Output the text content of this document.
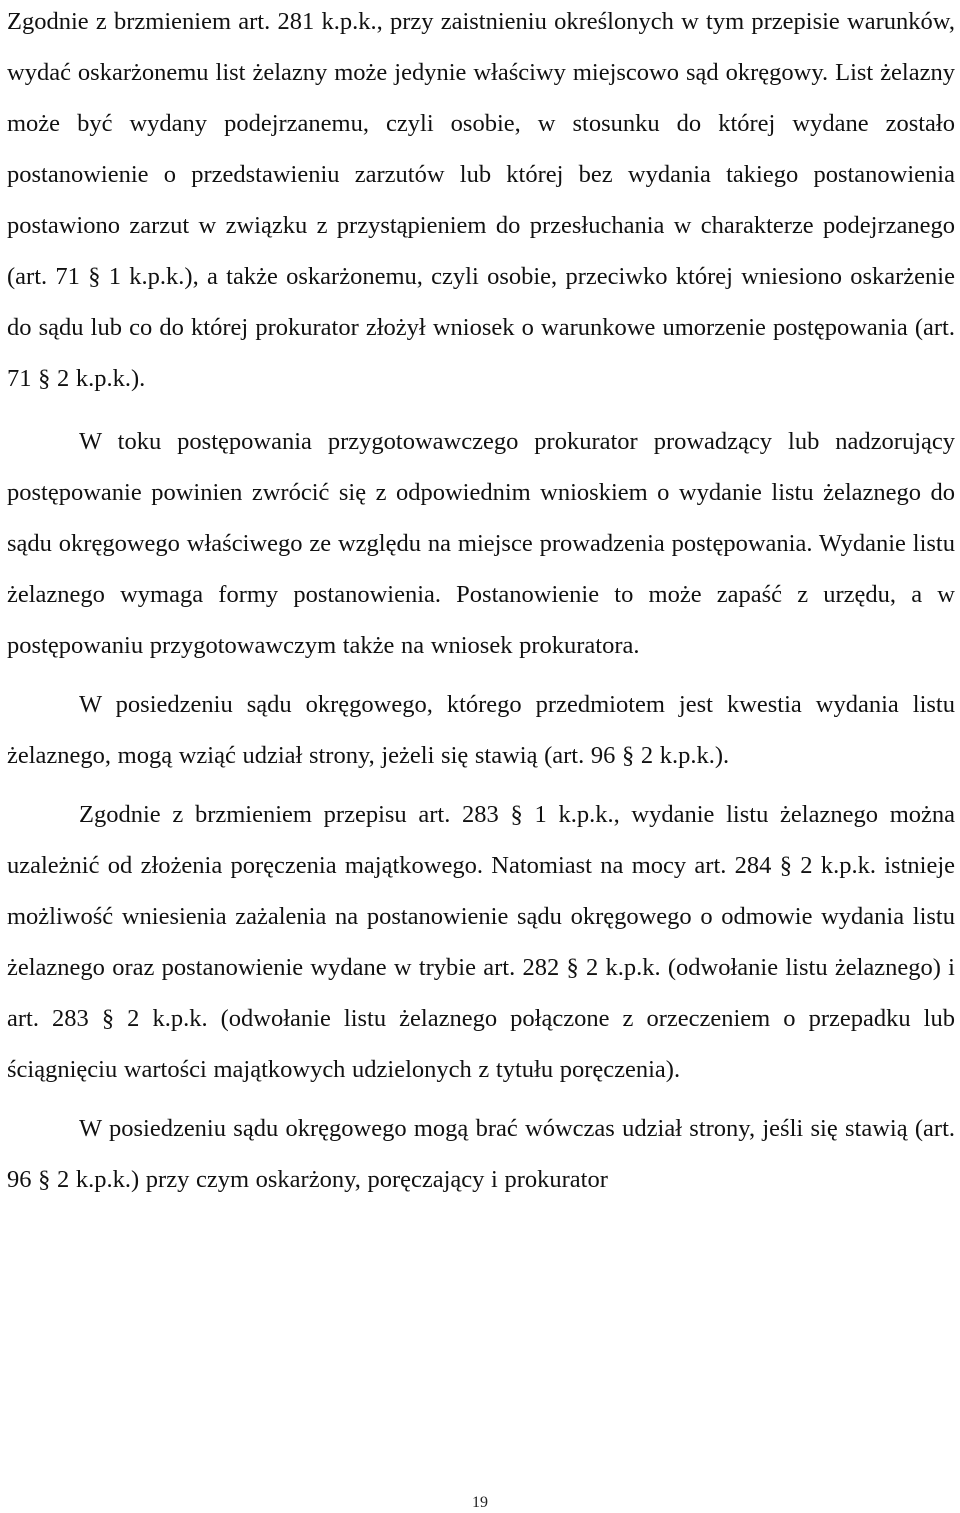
Zgodnie z brzmieniem art. 281 k.p.k., przy zaistnieniu określonych w tym przepisie warunków, wydać oskarżonemu list żelazny może jedynie właściwy miejscowo sąd okręgowy. List żelazny może być wydany podejrzanemu, czyli osobie, w stosunku do której wydane zostało postanowienie o przedstawieniu zarzutów lub której bez wydania takiego postanowienia postawiono zarzut w związku z przystąpieniem do przesłuchania w charakterze podejrzanego (art. 71 § 1 k.p.k.), a także oskarżonemu, czyli osobie, przeciwko której wniesiono oskarżenie do sądu lub co do której prokurator złożył wniosek o warunkowe umorzenie postępowania (art. 71 § 2 k.p.k.).

W toku postępowania przygotowawczego prokurator prowadzący lub nadzorujący postępowanie powinien zwrócić się z odpowiednim wnioskiem o wydanie listu żelaznego do sądu okręgowego właściwego ze względu na miejsce prowadzenia postępowania. Wydanie listu żelaznego wymaga formy postanowienia. Postanowienie to może zapaść z urzędu, a w postępowaniu przygotowawczym także na wniosek prokuratora.

W posiedzeniu sądu okręgowego, którego przedmiotem jest kwestia wydania listu żelaznego, mogą wziąć udział strony, jeżeli się stawią (art. 96 § 2 k.p.k.).

Zgodnie z brzmieniem przepisu art. 283 § 1 k.p.k., wydanie listu żelaznego można uzależnić od złożenia poręczenia majątkowego. Natomiast na mocy art. 284 § 2 k.p.k. istnieje możliwość wniesienia zażalenia na postanowienie sądu okręgowego o odmowie wydania listu żelaznego oraz postanowienie wydane w trybie art. 282 § 2 k.p.k. (odwołanie listu żelaznego) i art. 283 § 2 k.p.k. (odwołanie listu żelaznego połączone z orzeczeniem o przepadku lub ściągnięciu wartości majątkowych udzielonych z tytułu poręczenia).

W posiedzeniu sądu okręgowego mogą brać wówczas udział strony, jeśli się stawią (art. 96 § 2 k.p.k.) przy czym oskarżony, poręczający i prokurator

19
